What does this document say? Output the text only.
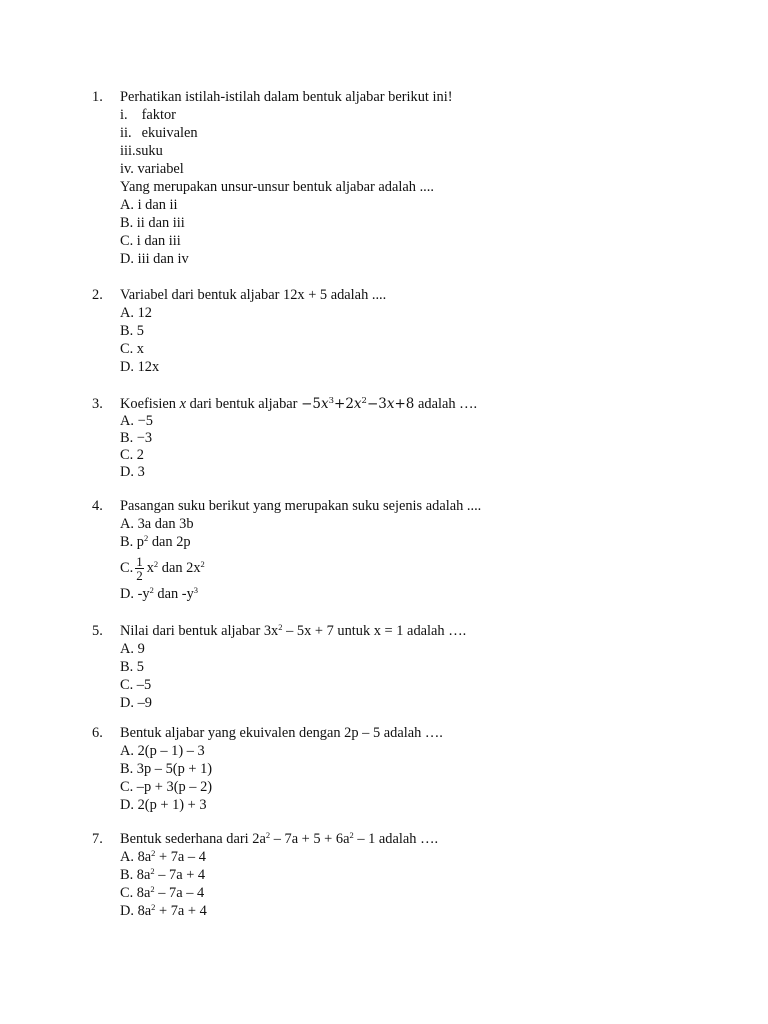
1. Perhatikan istilah-istilah dalam bentuk aljabar berikut ini!
i. faktor
ii. ekuivalen
iii.suku
iv. variabel
Yang merupakan unsur-unsur bentuk aljabar adalah ....
A. i dan ii
B. ii dan iii
C. i dan iii
D. iii dan iv
2. Variabel dari bentuk aljabar 12x + 5 adalah ....
A. 12
B. 5
C. x
D. 12x
3. Koefisien x dari bentuk aljabar $-5x^3+2x^2-3x+8$ adalah ….
A. −5
B. −3
C. 2
D. 3
4. Pasangan suku berikut yang merupakan suku sejenis adalah ....
A. 3a dan 3b
B. $p^2$ dan 2p
C. $\frac{1}{2} x^2$ dan $2x^2$
D. $-y^2$ dan $-y^3$
5. Nilai dari bentuk aljabar $3x^2 - 5x + 7$ untuk x = 1 adalah ….
A. 9
B. 5
C. –5
D. –9
6. Bentuk aljabar yang ekuivalen dengan 2p – 5 adalah ….
A. 2(p – 1) – 3
B. 3p – 5(p + 1)
C. –p + 3(p – 2)
D. 2(p + 1) + 3
7. Bentuk sederhana dari $2a^2 - 7a + 5 + 6a^2 - 1$ adalah ….
A. $8a^2 + 7a - 4$
B. $8a^2 - 7a + 4$
C. $8a^2 - 7a - 4$
D. $8a^2 + 7a + 4$
